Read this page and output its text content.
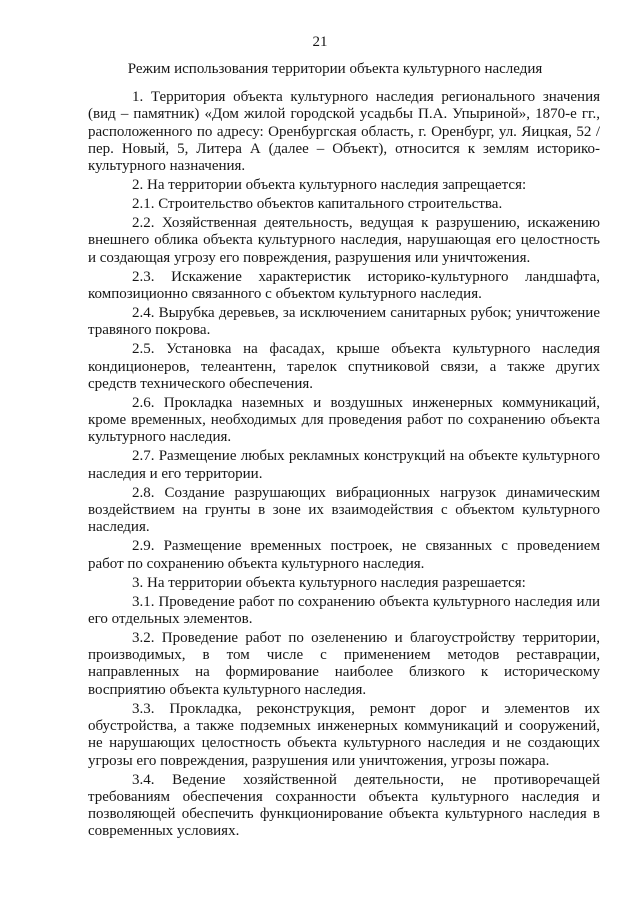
21
Режим использования территории объекта культурного наследия

1. Территория объекта культурного наследия регионального значения (вид – памятник) «Дом жилой городской усадьбы П.А. Упыриной», 1870-е гг., расположенного по адресу: Оренбургская область, г. Оренбург, ул. Яицкая, 52 / пер. Новый, 5, Литера А (далее – Объект), относится к землям историко-культурного назначения.

2. На территории объекта культурного наследия запрещается:

2.1. Строительство объектов капитального строительства.

2.2. Хозяйственная деятельность, ведущая к разрушению, искажению внешнего облика объекта культурного наследия, нарушающая его целостность и создающая угрозу его повреждения, разрушения или уничтожения.

2.3. Искажение характеристик историко-культурного ландшафта, композиционно связанного с объектом культурного наследия.

2.4. Вырубка деревьев, за исключением санитарных рубок; уничтожение травяного покрова.

2.5. Установка на фасадах, крыше объекта культурного наследия кондиционеров, телеантенн, тарелок спутниковой связи, а также других средств технического обеспечения.

2.6. Прокладка наземных и воздушных инженерных коммуникаций, кроме временных, необходимых для проведения работ по сохранению объекта культурного наследия.

2.7. Размещение любых рекламных конструкций на объекте культурного наследия и его территории.

2.8. Создание разрушающих вибрационных нагрузок динамическим воздействием на грунты в зоне их взаимодействия с объектом культурного наследия.

2.9. Размещение временных построек, не связанных с проведением работ по сохранению объекта культурного наследия.

3. На территории объекта культурного наследия разрешается:

3.1. Проведение работ по сохранению объекта культурного наследия или его отдельных элементов.

3.2. Проведение работ по озеленению и благоустройству территории, производимых, в том числе с применением методов реставрации, направленных на формирование наиболее близкого к историческому восприятию объекта культурного наследия.

3.3. Прокладка, реконструкция, ремонт дорог и элементов их обустройства, а также подземных инженерных коммуникаций и сооружений, не нарушающих целостность объекта культурного наследия и не создающих угрозы его повреждения, разрушения или уничтожения, угрозы пожара.

3.4. Ведение хозяйственной деятельности, не противоречащей требованиям обеспечения сохранности объекта культурного наследия и позволяющей обеспечить функционирование объекта культурного наследия в современных условиях.
